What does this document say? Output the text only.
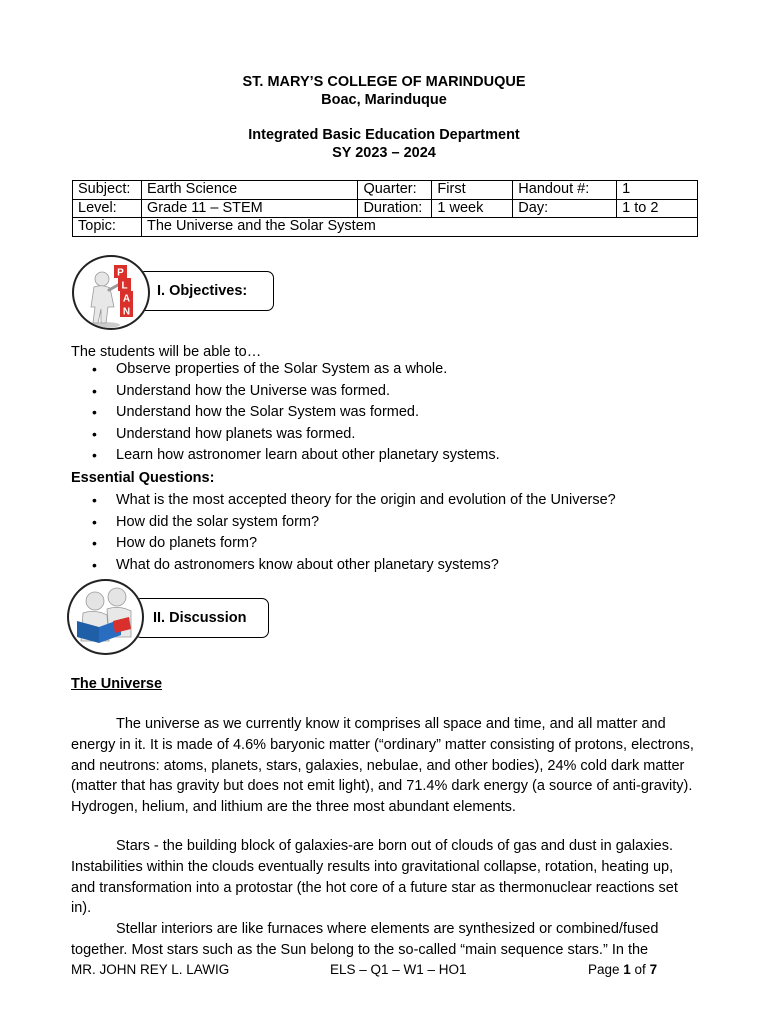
ST. MARY’S COLLEGE OF MARINDUQUE
Boac, Marinduque
Integrated Basic Education Department
SY 2023 – 2024
Subject:	Earth Science	Quarter:	First	Handout #:	1
Level:	Grade 11 – STEM	Duration:	1 week	Day:	1 to 2
Topic:	The Universe and the Solar System				
I. Objectives:
P
L
A
N
The students will be able to…
• Observe properties of the Solar System as a whole.
• Understand how the Universe was formed.
• Understand how the Solar System was formed.
• Understand how planets was formed.
• Learn how astronomer learn about other planetary systems.
Essential Questions:
• What is the most accepted theory for the origin and evolution of the Universe?
• How did the solar system form?
• How do planets form?
• What do astronomers know about other planetary systems?
II. Discussion
The Universe
The universe as we currently know it comprises all space and time, and all matter and energy in it. It is made of 4.6% baryonic matter (“ordinary” matter consisting of protons, electrons, and neutrons: atoms, planets, stars, galaxies, nebulae, and other bodies), 24% cold dark matter (matter that has gravity but does not emit light), and 71.4% dark energy (a source of anti-gravity). Hydrogen, helium, and lithium are the three most abundant elements.
Stars - the building block of galaxies-are born out of clouds of gas and dust in galaxies. Instabilities within the clouds eventually results into gravitational collapse, rotation, heating up, and transformation into a protostar (the hot core of a future star as thermonuclear reactions set in).
Stellar interiors are like furnaces where elements are synthesized or combined/fused together. Most stars such as the Sun belong to the so-called “main sequence stars.” In the
MR. JOHN REY L. LAWIG	ELS – Q1 – W1 – HO1	Page 1 of 7
